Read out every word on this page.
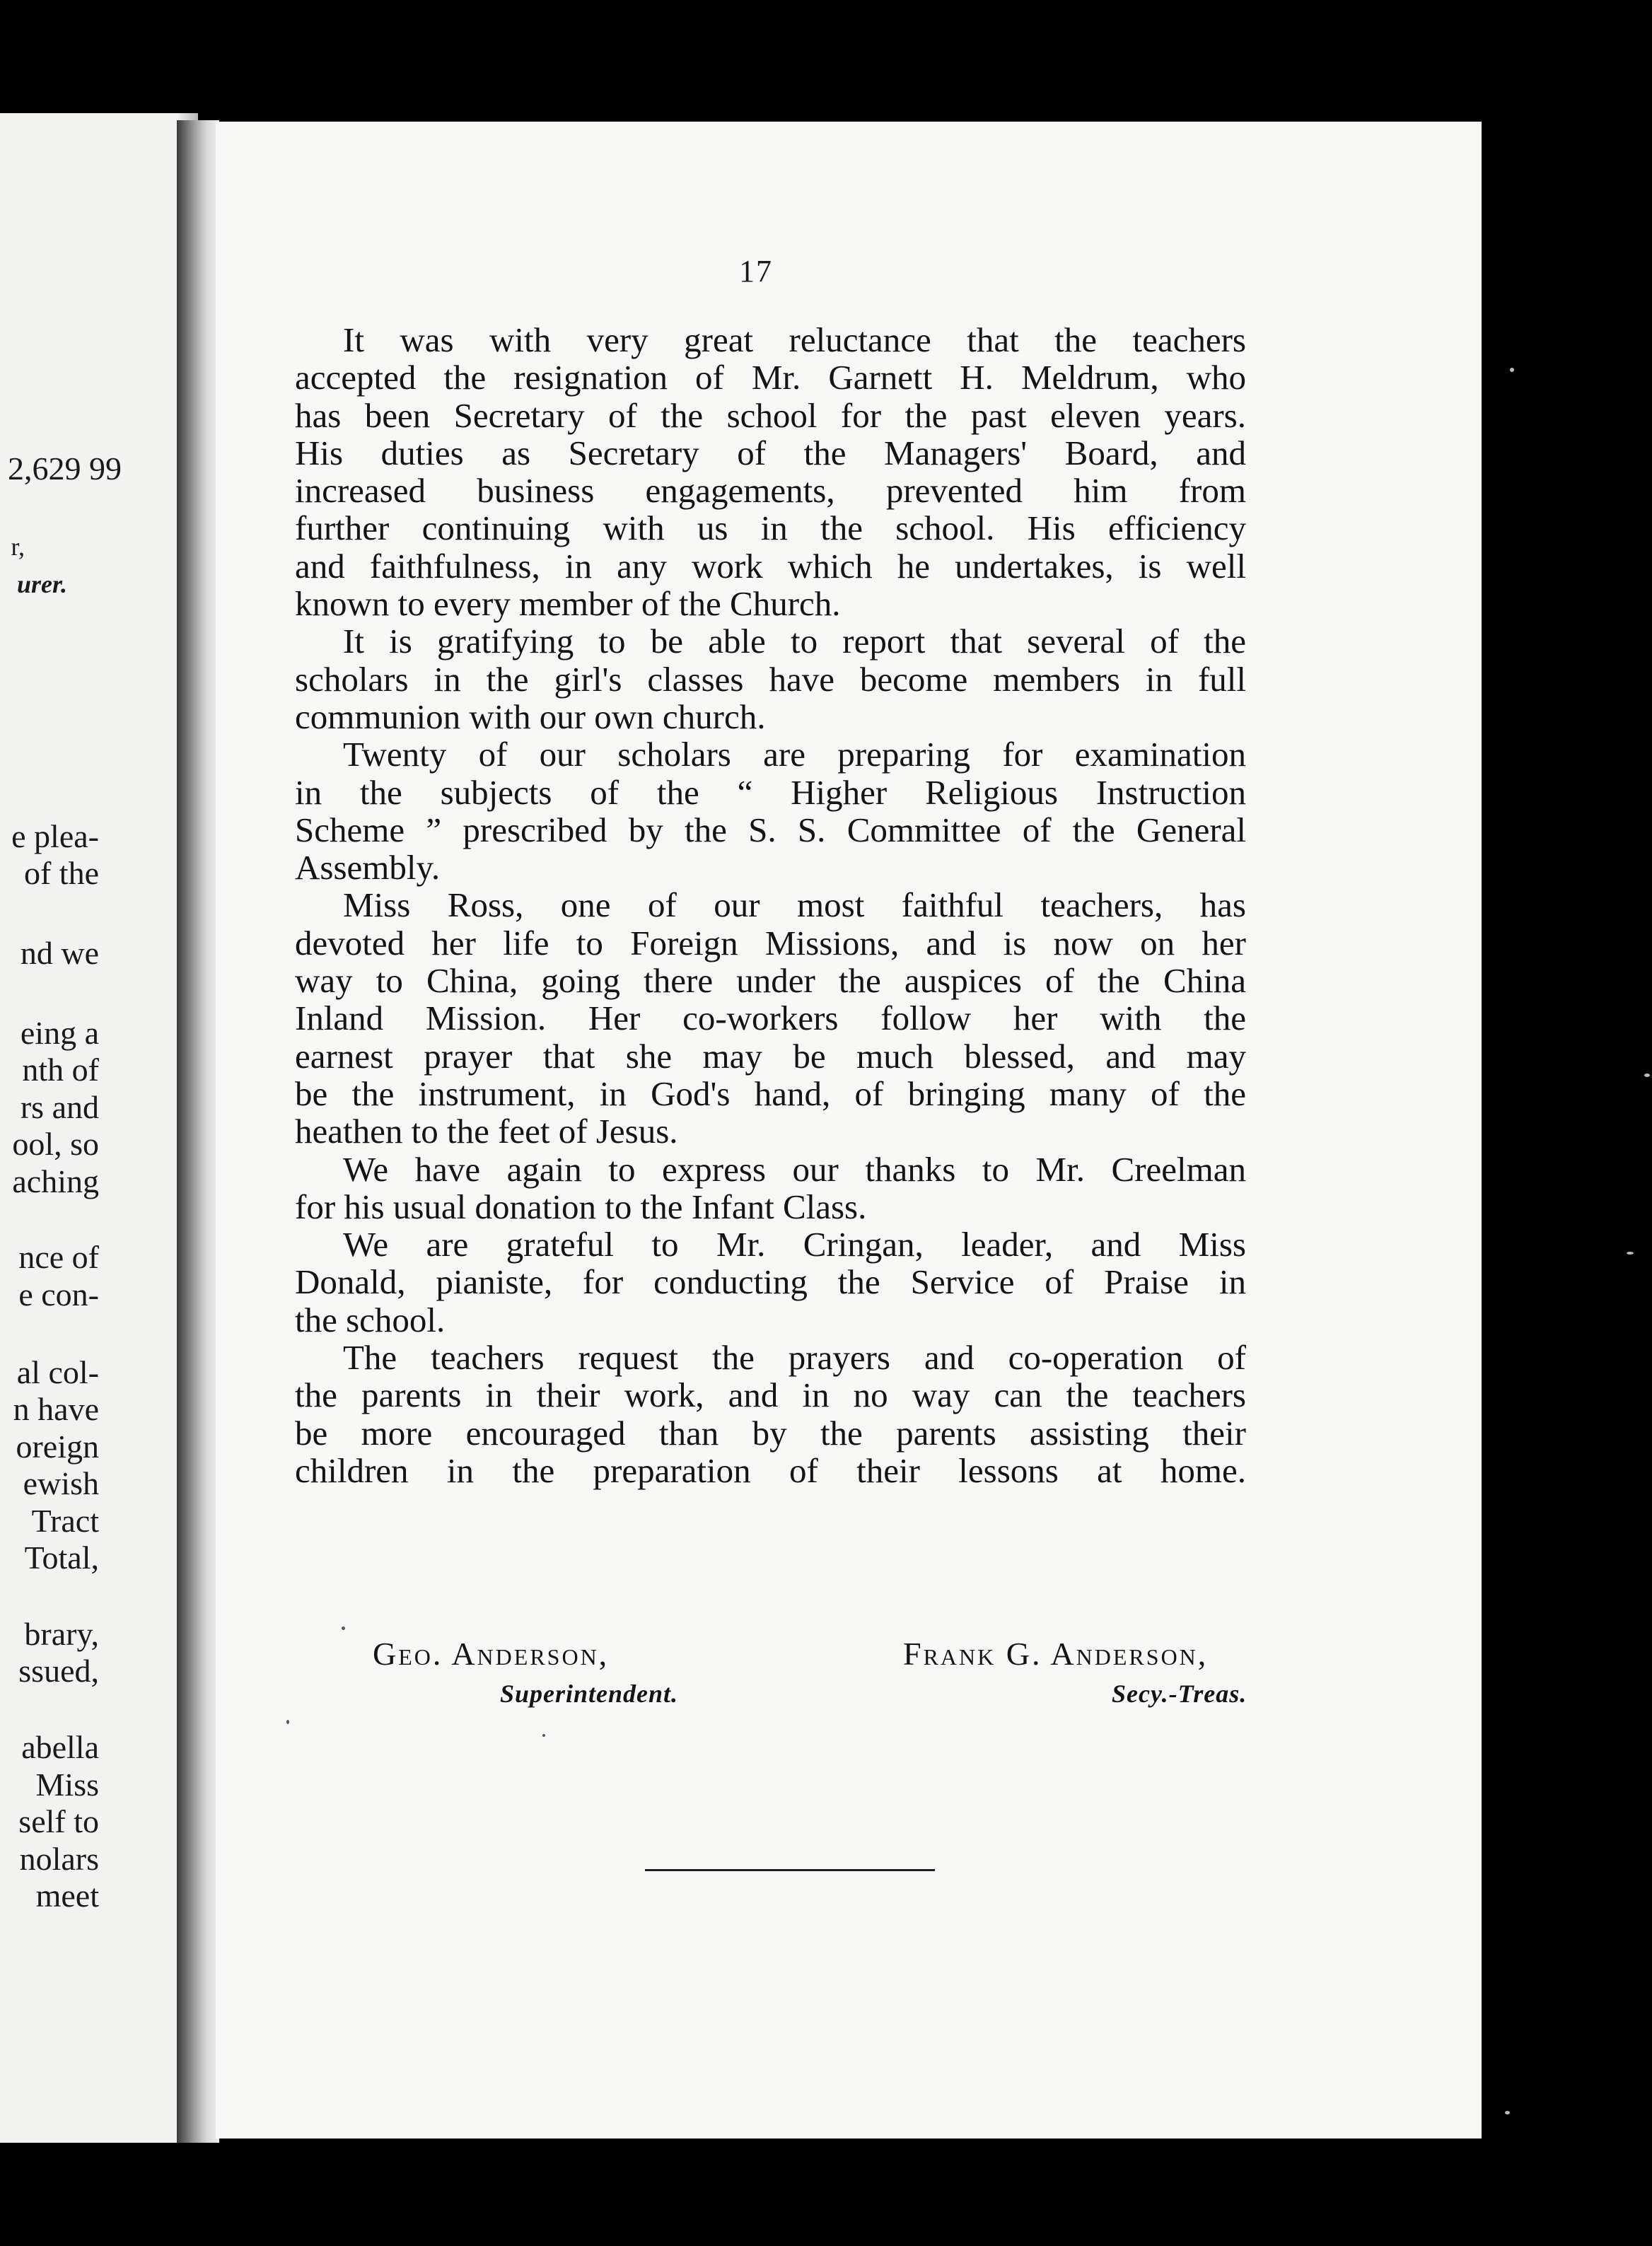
2,629 99
r,
urer.
e plea-
of the
nd we
eing a
nth of
rs and
ool, so
aching
nce of
e con-
al col-
n have
oreign
ewish
Tract
Total,
brary,
ssued,
abella
Miss
self to
nolars
meet
17

It was with very great reluctance that the teachers
accepted the resignation of Mr. Garnett H. Meldrum, who
has been Secretary of the school for the past eleven years.
His duties as Secretary of the Managers' Board, and
increased business engagements, prevented him from
further continuing with us in the school. His efficiency
and faithfulness, in any work which he undertakes, is well
known to every member of the Church.

It is gratifying to be able to report that several of the
scholars in the girl's classes have become members in full
communion with our own church.

Twenty of our scholars are preparing for examination
in the subjects of the “ Higher Religious Instruction
Scheme ” prescribed by the S. S. Committee of the General
Assembly.

Miss Ross, one of our most faithful teachers, has
devoted her life to Foreign Missions, and is now on her
way to China, going there under the auspices of the China
Inland Mission. Her co-workers follow her with the
earnest prayer that she may be much blessed, and may
be the instrument, in God's hand, of bringing many of the
heathen to the feet of Jesus.

We have again to express our thanks to Mr. Creelman
for his usual donation to the Infant Class.

We are grateful to Mr. Cringan, leader, and Miss
Donald, pianiste, for conducting the Service of Praise in
the school.

The teachers request the prayers and co-operation of
the parents in their work, and in no way can the teachers
be more encouraged than by the parents assisting their
children in the preparation of their lessons at home.

Geo. Anderson,
Superintendent.
Frank G. Anderson,
Secy.-Treas.
